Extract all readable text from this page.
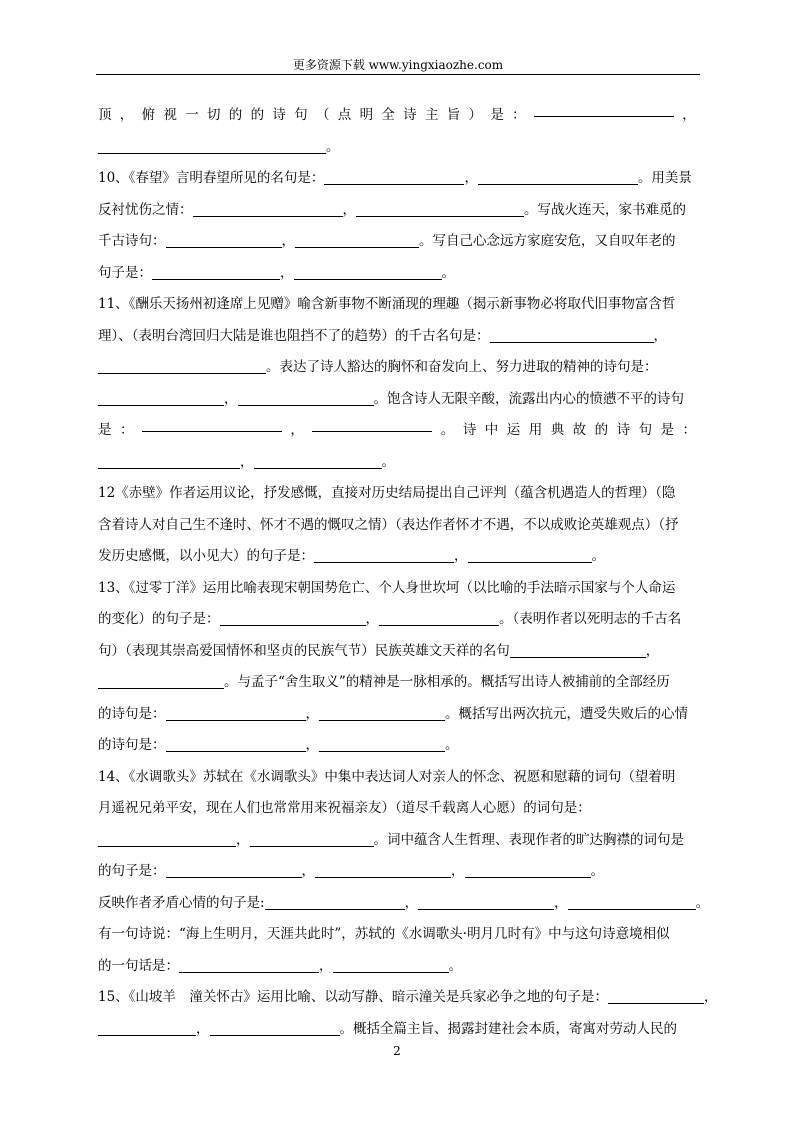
更多资源下载 www.yingxiaozhe.com
顶 ， 俯 视 一 切 的 的 诗 句 （ 点 明 全 诗 主 旨 ） 是 ：	，
。
10、《春望》言明春望所见的名句是：	，	。用美景
反衬忧伤之情：	，	。写战火连天，家书难觅的
千古诗句：	，	。写自己心念远方家庭安危，又自叹年老的
句子是：	，	。
11、《酬乐天扬州初逢席上见赠》喻含新事物不断涌现的理趣（揭示新事物必将取代旧事物富含哲
理）、（表明台湾回归大陆是谁也阻挡不了的趋势）的千古名句是：	，
。表达了诗人豁达的胸怀和奋发向上、努力进取的精神的诗句是：
，	。饱含诗人无限辛酸，流露出内心的愤懑不平的诗句
是 ：	，	。 诗 中 运 用 典 故 的 诗 句 是 ：
，	。
12《赤壁》作者运用议论，抒发感慨，直接对历史结局提出自己评判（蕴含机遇造人的哲理）（隐
含着诗人对自己生不逢时、怀才不遇的慨叹之情）（表达作者怀才不遇，不以成败论英雄观点）（抒
发历史感慨，以小见大）的句子是：	，	。
13、《过零丁洋》运用比喻表现宋朝国势危亡、个人身世坎坷（以比喻的手法暗示国家与个人命运
的变化）的句子是：	，	。（表明作者以死明志的千古名
句）（表现其崇高爱国情怀和坚贞的民族气节）民族英雄文天祥的名句	，
。与孟子“舍生取义”的精神是一脉相承的。概括写出诗人被捕前的全部经历
的诗句是：	，	。概括写出两次抗元，遭受失败后的心情
的诗句是：	，	。
14、《水调歌头》苏轼在《水调歌头》中集中表达词人对亲人的怀念、祝愿和慰藉的词句（望着明
月遥祝兄弟平安，现在人们也常常用来祝福亲友）（道尽千载离人心愿）的词句是：
，	。词中蕴含人生哲理、表现作者的旷达胸襟的词句是
的句子是：	，	，	。
反映作者矛盾心情的句子是:	，	，	。
有一句诗说：“海上生明月，天涯共此时”，苏轼的《水调歌头·明月几时有》中与这句诗意境相似
的一句话是：	，	。
15、《山坡羊　潼关怀古》运用比喻、以动写静、暗示潼关是兵家必争之地的句子是：	，
，	。概括全篇主旨、揭露封建社会本质，寄寓对劳动人民的
2
